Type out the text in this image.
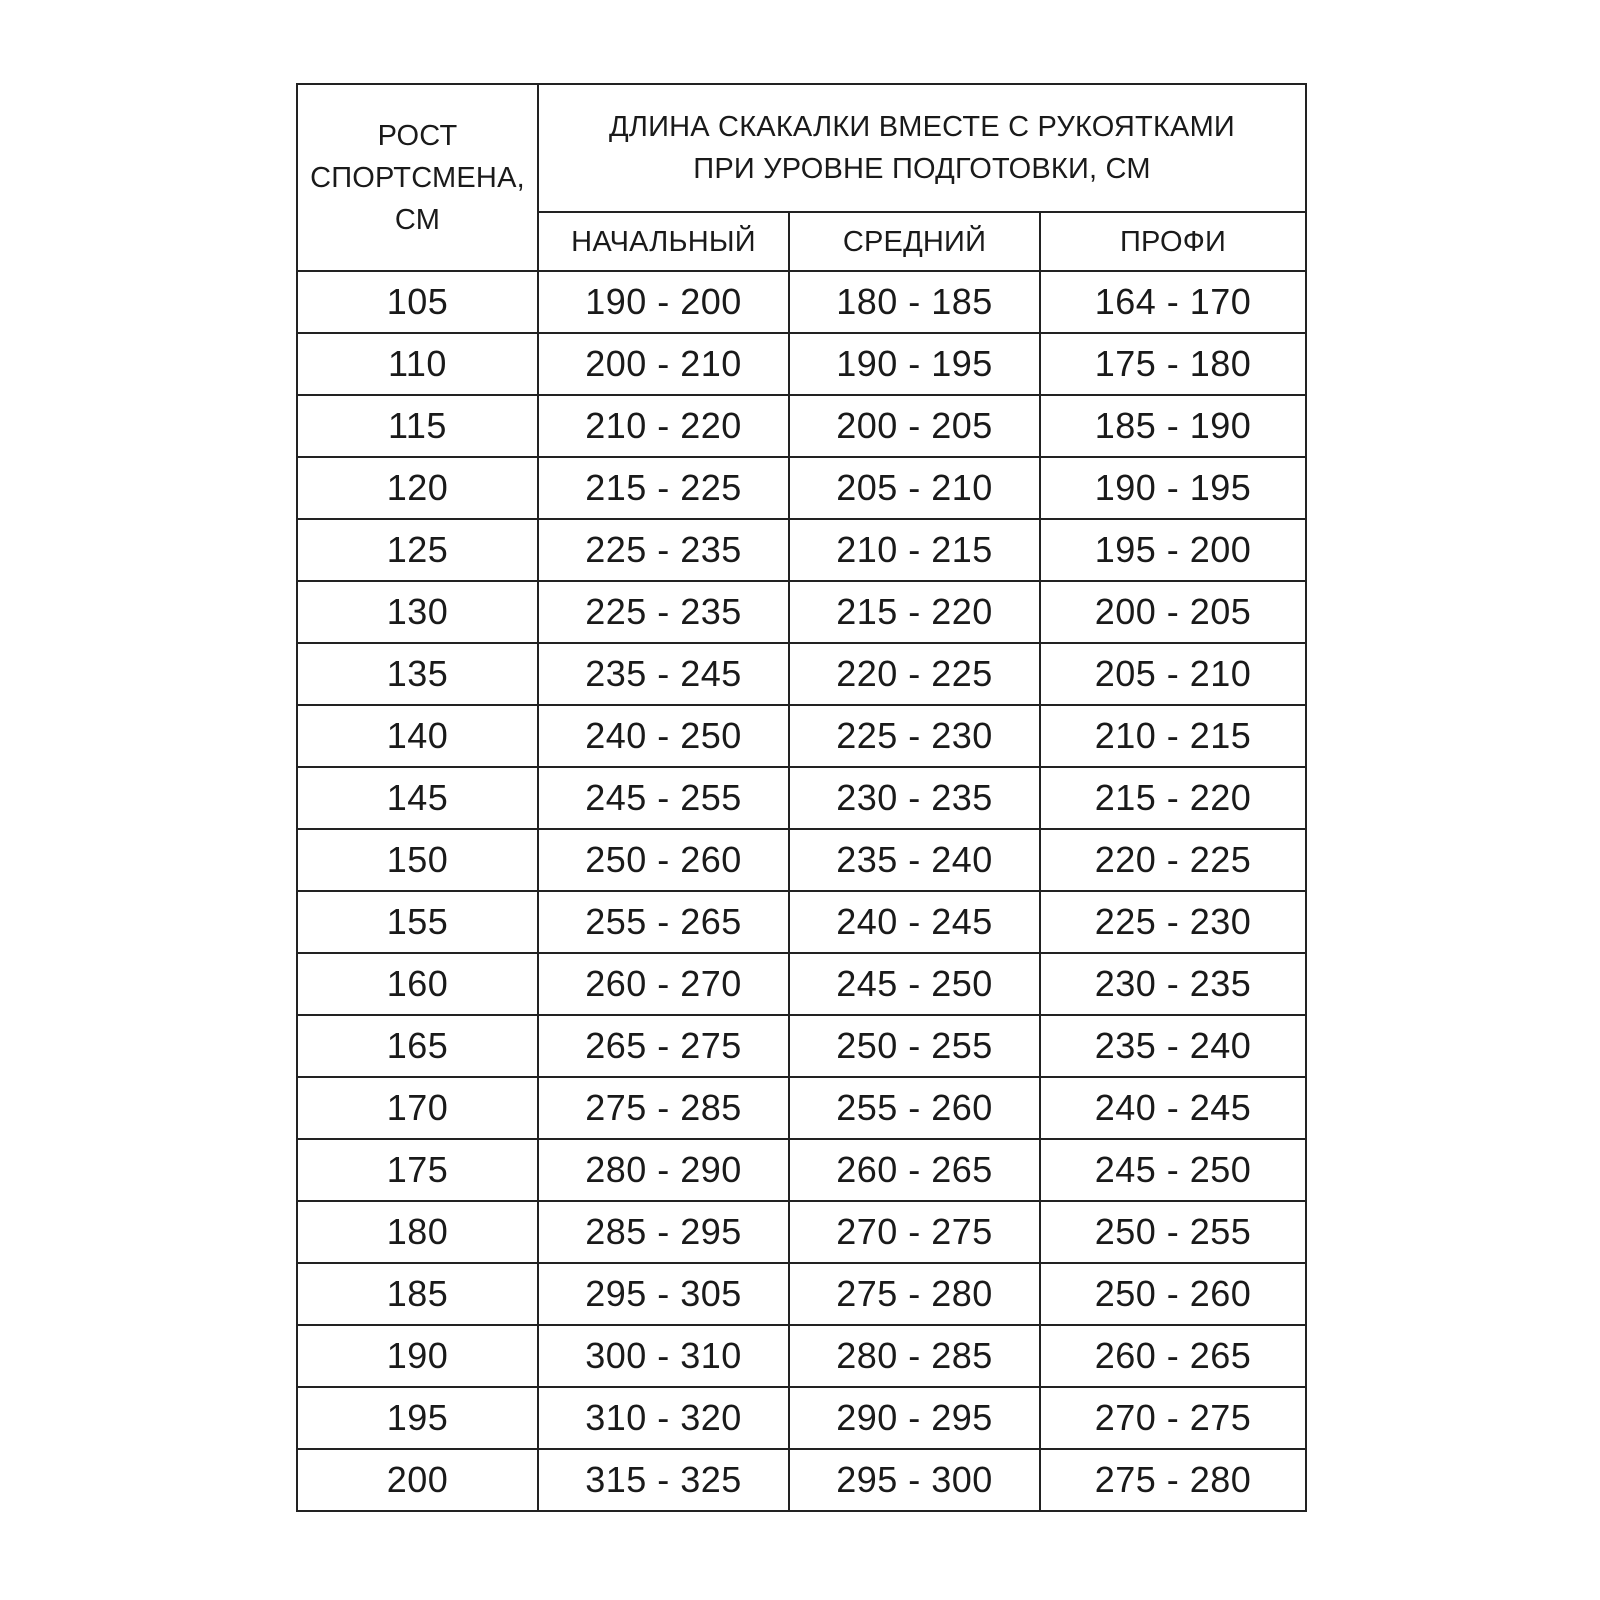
РОСТ
СПОРТСМЕНА,
СМ	ДЛИНА СКАКАЛКИ ВМЕСТЕ С РУКОЯТКАМИ
ПРИ УРОВНЕ ПОДГОТОВКИ, СМ		

	НАЧАЛЬНЫЙ	СРЕДНИЙ	ПРОФИ
105	190 - 200	180 - 185	164 - 170
110	200 - 210	190 - 195	175 - 180
115	210 - 220	200 - 205	185 - 190
120	215 - 225	205 - 210	190 - 195
125	225 - 235	210 - 215	195 - 200
130	225 - 235	215 - 220	200 - 205
135	235 - 245	220 - 225	205 - 210
140	240 - 250	225 - 230	210 - 215
145	245 - 255	230 - 235	215 - 220
150	250 - 260	235 - 240	220 - 225
155	255 - 265	240 - 245	225 - 230
160	260 - 270	245 - 250	230 - 235
165	265 - 275	250 - 255	235 - 240
170	275 - 285	255 - 260	240 - 245
175	280 - 290	260 - 265	245 - 250
180	285 - 295	270 - 275	250 - 255
185	295 - 305	275 - 280	250 - 260
190	300 - 310	280 - 285	260 - 265
195	310 - 320	290 - 295	270 - 275
200	315 - 325	295 - 300	275 - 280
